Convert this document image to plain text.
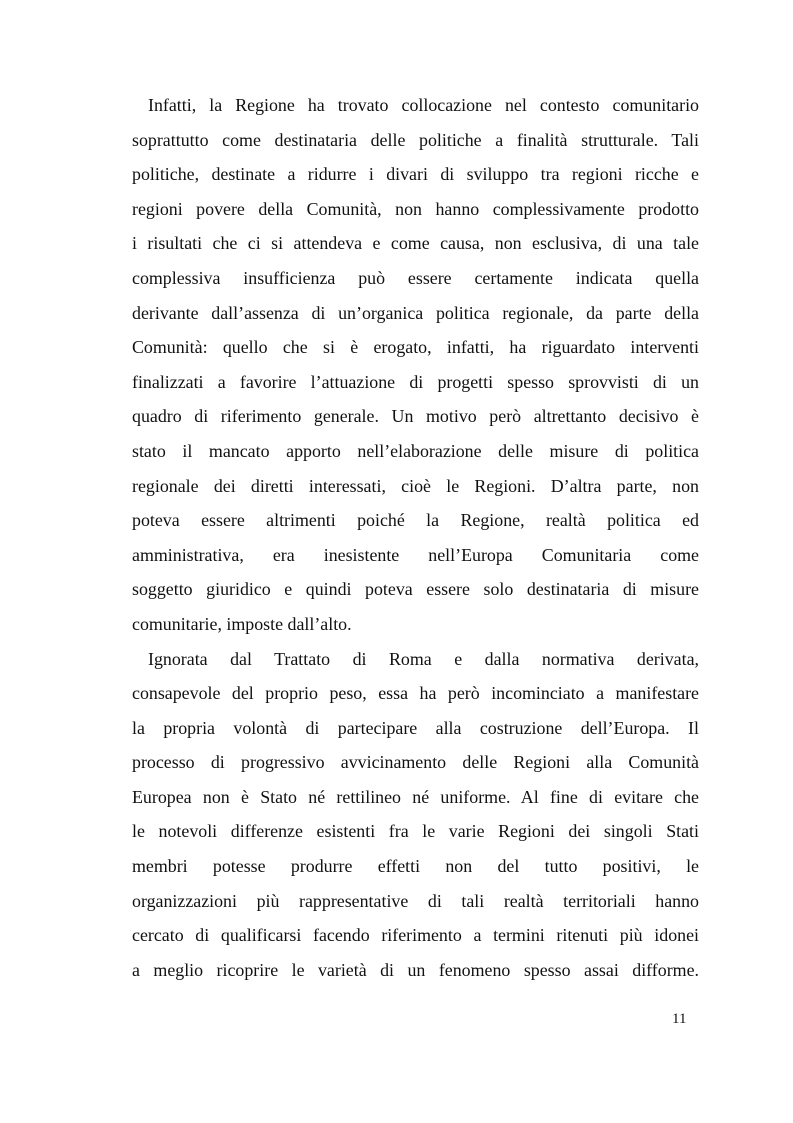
Infatti, la Regione ha trovato collocazione nel contesto comunitario
soprattutto come destinataria delle politiche a finalità strutturale. Tali
politiche, destinate a ridurre i divari di sviluppo tra regioni ricche e
regioni povere della Comunità, non hanno complessivamente prodotto
i risultati che ci si attendeva e come causa, non esclusiva, di una tale
complessiva insufficienza può essere certamente indicata quella
derivante dall’assenza di un’organica politica regionale, da parte della
Comunità: quello che si è erogato, infatti, ha riguardato interventi
finalizzati a favorire l’attuazione di progetti spesso sprovvisti di un
quadro di riferimento generale. Un motivo però altrettanto decisivo è
stato il mancato apporto nell’elaborazione delle misure di politica
regionale dei diretti interessati, cioè le Regioni. D’altra parte, non
poteva essere altrimenti poiché la Regione, realtà politica ed
amministrativa, era inesistente nell’Europa Comunitaria come
soggetto giuridico e quindi poteva essere solo destinataria di misure
comunitarie, imposte dall’alto.
Ignorata dal Trattato di Roma e dalla normativa derivata,
consapevole del proprio peso, essa ha però incominciato a manifestare
la propria volontà di partecipare alla costruzione dell’Europa. Il
processo di progressivo avvicinamento delle Regioni alla Comunità
Europea non è Stato né rettilineo né uniforme. Al fine di evitare che
le notevoli differenze esistenti fra le varie Regioni dei singoli Stati
membri potesse produrre effetti non del tutto positivi, le
organizzazioni più rappresentative di tali realtà territoriali hanno
cercato di qualificarsi facendo riferimento a termini ritenuti più idonei
a meglio ricoprire le varietà di un fenomeno spesso assai difforme.
11
